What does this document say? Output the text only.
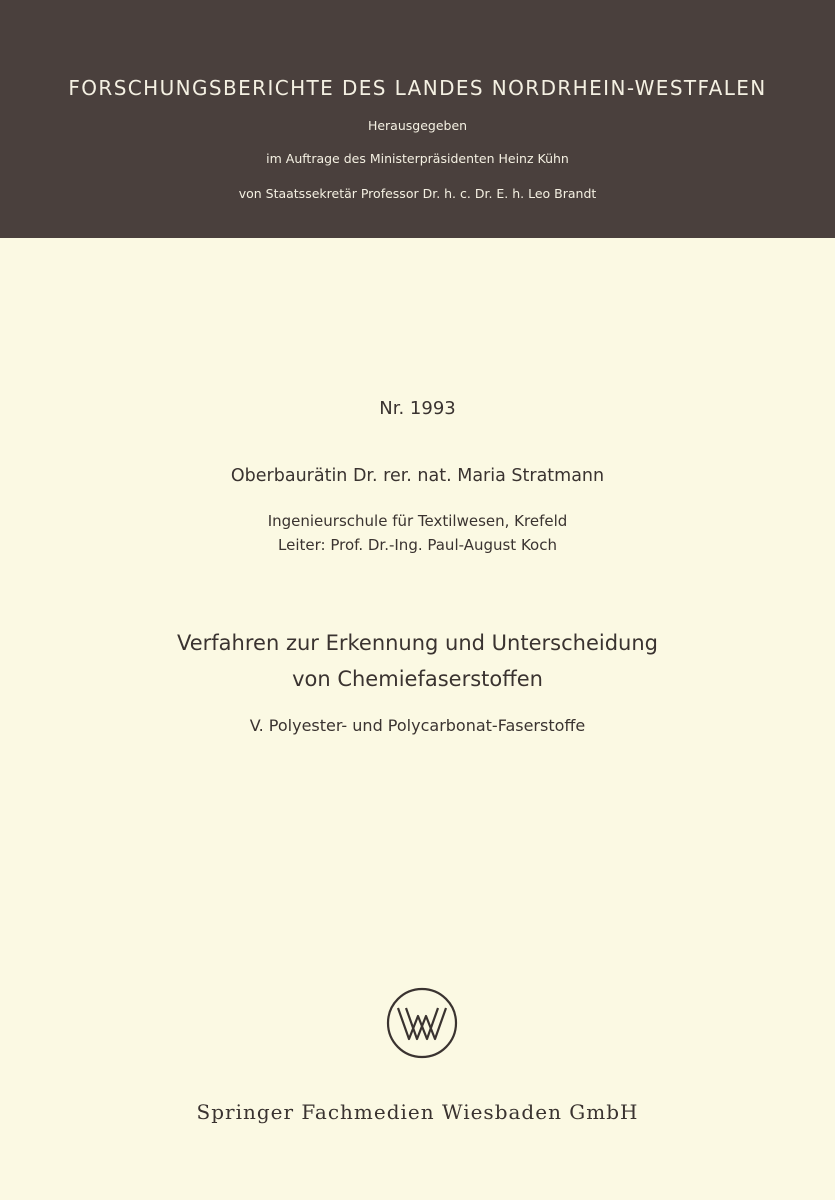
FORSCHUNGSBERICHTE DES LANDES NORDRHEIN-WESTFALEN

Herausgegeben

im Auftrage des Ministerpräsidenten Heinz Kühn

von Staatssekretär Professor Dr. h. c. Dr. E. h. Leo Brandt

Nr. 1993

Oberbaurätin Dr. rer. nat. Maria Stratmann

Ingenieurschule für Textilwesen, Krefeld
Leiter: Prof. Dr.-Ing. Paul-August Koch
Verfahren zur Erkennung und Unterscheidung
von Chemiefaserstoffen

V. Polyester- und Polycarbonat-Faserstoffe

Springer Fachmedien Wiesbaden GmbH
